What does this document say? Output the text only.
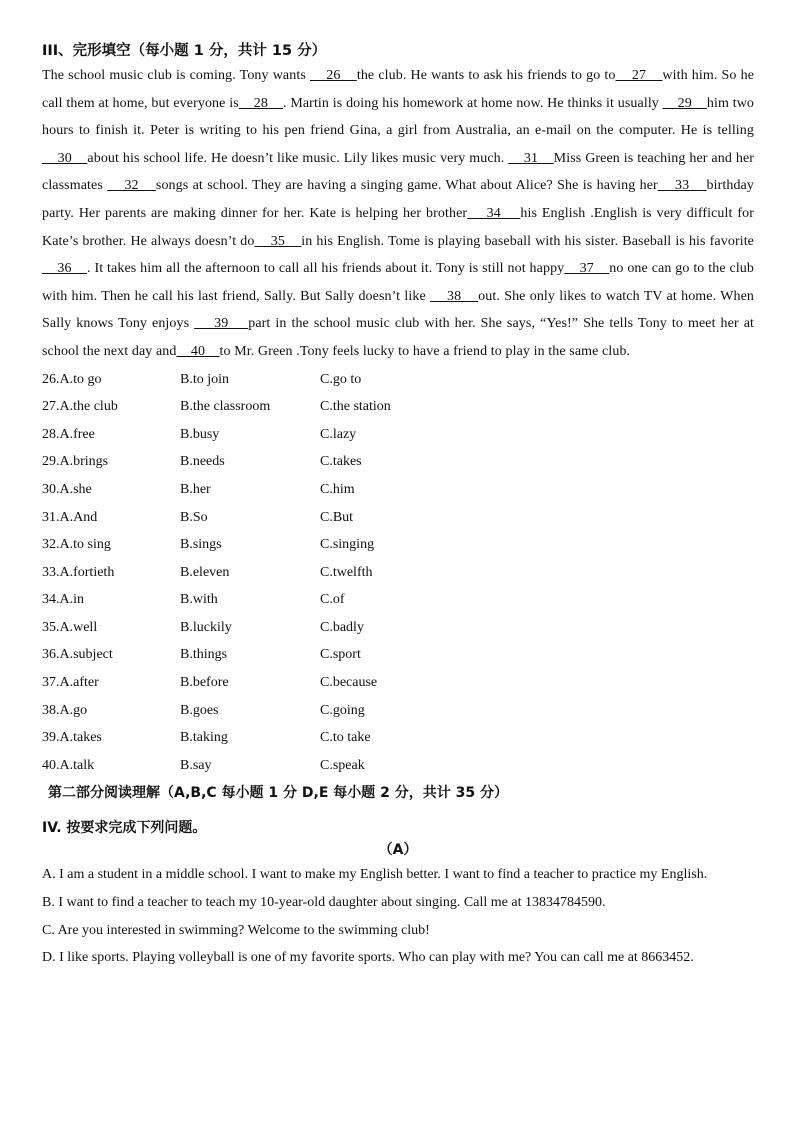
III、完形填空（每小题 1 分，共计 15 分）

The school music club is coming. Tony wants     26    the club. He wants to ask his friends to go to    27    with him. So he call them at home, but everyone is    28    . Martin is doing his homework at home now. He thinks it usually     29    him two hours to finish it. Peter is writing to his pen friend Gina, a girl from Australia, an e-mail on the computer. He is telling     30    about his school life. He doesn’t like music. Lily likes music very much.     31    Miss Green is teaching her and her classmates     32    songs at school. They are having a singing game. What about Alice? She is having her    33    birthday party. Her parents are making dinner for her. Kate is helping her brother    34    his English .English is very difficult for Kate’s brother. He always doesn’t do    35    in his English. Tome is playing baseball with his sister. Baseball is his favorite     36    . It takes him all the afternoon to call all his friends about it. Tony is still not happy    37    no one can go to the club with him. Then he call his last friend, Sally. But Sally doesn’t like     38    out. She only likes to watch TV at home. When Sally knows Tony enjoys     39    part in the school music club with her. She says, “Yes!” She tells Tony to meet her at school the next day and    40    to Mr. Green .Tony feels lucky to have a friend to play in the same club.

26.A.to go	B.to join	C.go to
27.A.the club	B.the classroom	C.the station
28.A.free	B.busy	C.lazy
29.A.brings	B.needs	C.takes
30.A.she	B.her	C.him
31.A.And	B.So	C.But
32.A.to sing	B.sings	C.singing
33.A.fortieth	B.eleven	C.twelfth
34.A.in	B.with	C.of
35.A.well	B.luckily	C.badly
36.A.subject	B.things	C.sport
37.A.after	B.before	C.because
38.A.go	B.goes	C.going
39.A.takes	B.taking	C.to take
40.A.talk	B.say	C.speak

第二部分阅读理解（A,B,C 每小题 1 分 D,E 每小题 2 分，共计 35 分）

IV. 按要求完成下列问题。

（A）

A. I am a student in a middle school. I want to make my English better. I want to find a teacher to practice my English.

B. I want to find a teacher to teach my 10-year-old daughter about singing. Call me at 13834784590.

C. Are you interested in swimming? Welcome to the swimming club!

D. I like sports. Playing volleyball is one of my favorite sports. Who can play with me? You can call me at 8663452.
